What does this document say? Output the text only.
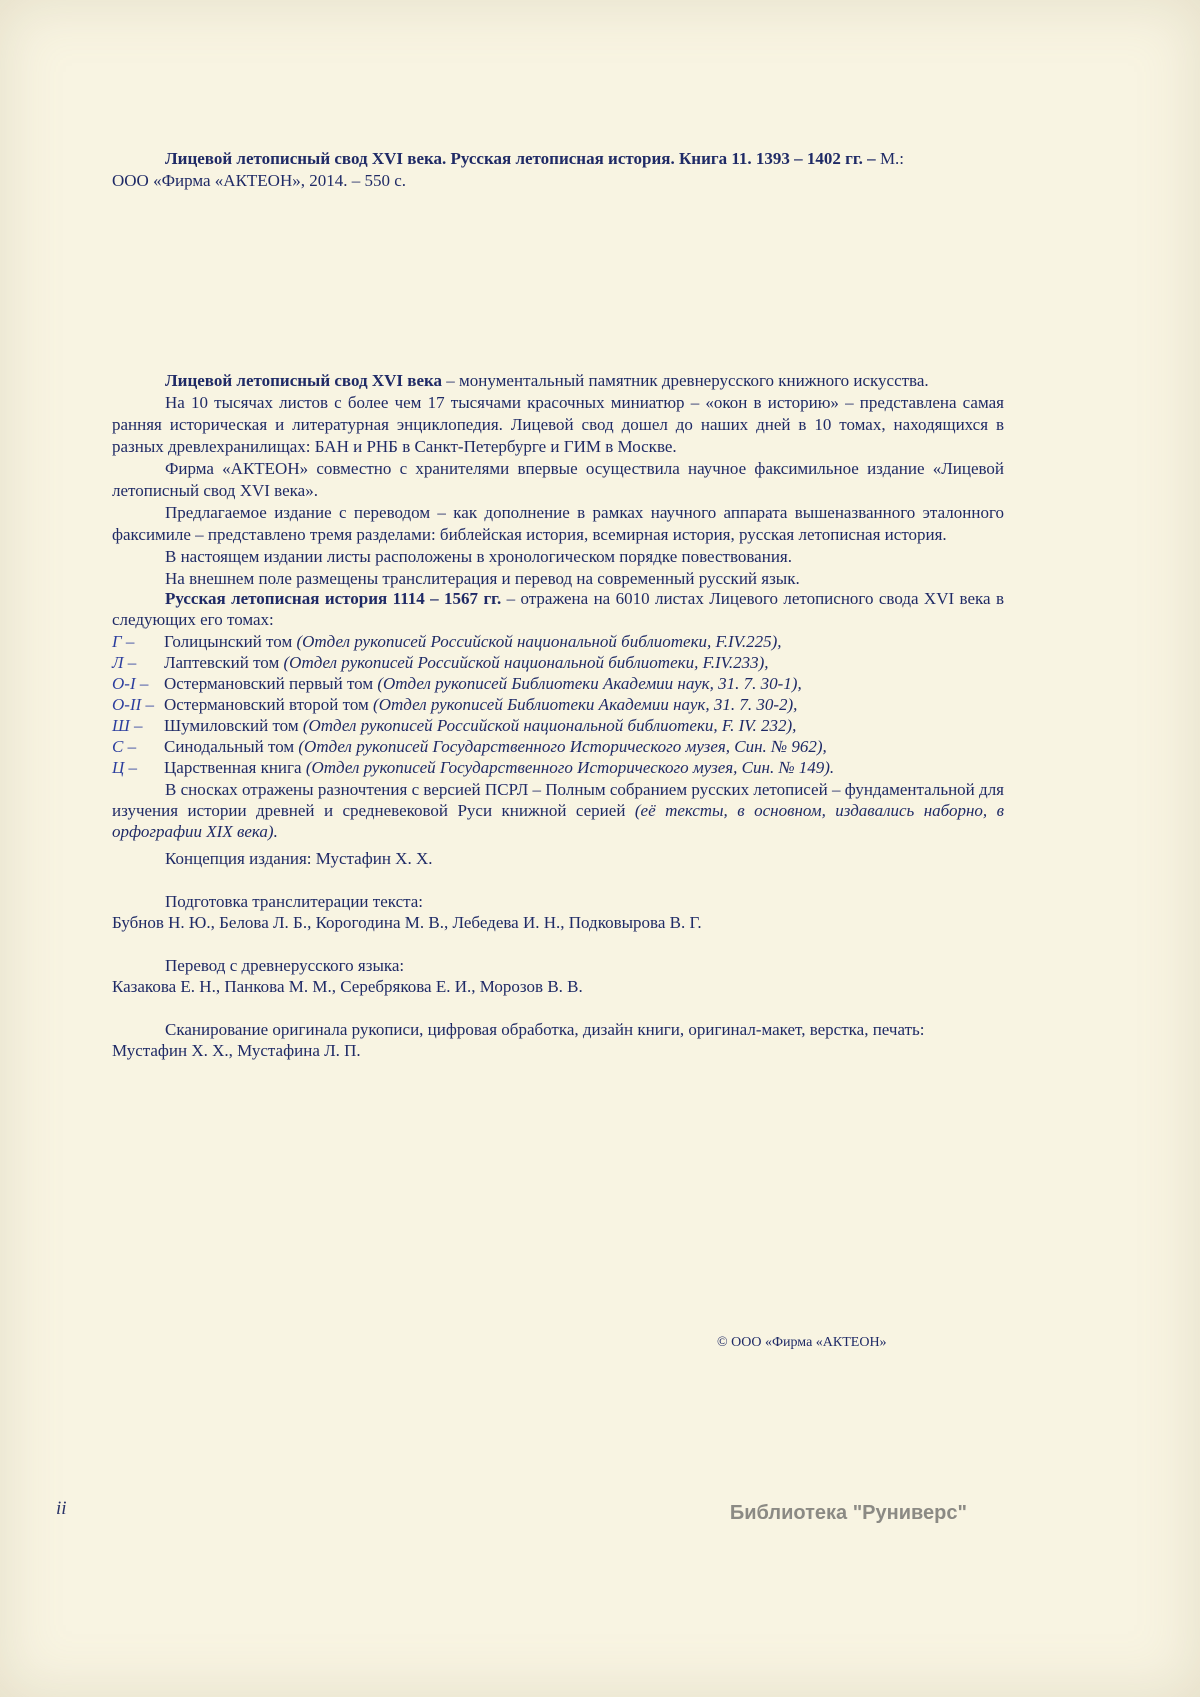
Лицевой летописный свод XVI века. Русская летописная история. Книга 11. 1393 – 1402 гг. – М.: ООО «Фирма «АКТЕОН», 2014. – 550 с.

Лицевой летописный свод XVI века – монументальный памятник древнерусского книжного искусства.

На 10 тысячах листов с более чем 17 тысячами красочных миниатюр – «окон в историю» – представлена самая ранняя историческая и литературная энциклопедия. Лицевой свод дошел до наших дней в 10 томах, находящихся в разных древлехранилищах: БАН и РНБ в Санкт-Петербурге и ГИМ в Москве.

Фирма «АКТЕОН» совместно с хранителями впервые осуществила научное факсимильное издание «Лицевой летописный свод XVI века».

Предлагаемое издание с переводом – как дополнение в рамках научного аппарата вышеназванного эталонного факсимиле – представлено тремя разделами: библейская история, всемирная история, русская летописная история.

В настоящем издании листы расположены в хронологическом порядке повествования.

На внешнем поле размещены транслитерация и перевод на современный русский язык.

Русская летописная история 1114 – 1567 гг. – отражена на 6010 листах Лицевого летописного свода XVI века в следующих его томах:

Г –	Голицынский том (Отдел рукописей Российской национальной библиотеки, F.IV.225),
Л –	Лаптевский том (Отдел рукописей Российской национальной библиотеки, F.IV.233),
О-I – Остермановский первый том (Отдел рукописей Библиотеки Академии наук, 31. 7. 30-1),
О-II – Остермановский второй том (Отдел рукописей Библиотеки Академии наук, 31. 7. 30-2),
Ш –	Шумиловский том (Отдел рукописей Российской национальной библиотеки, F. IV. 232),
С –	Синодальный том (Отдел рукописей Государственного Исторического музея, Син. № 962),
Ц –	Царственная книга (Отдел рукописей Государственного Исторического музея, Син. № 149).

В сносках отражены разночтения с версией ПСРЛ – Полным собранием русских летописей – фундаментальной для изучения истории древней и средневековой Руси книжной серией (её тексты, в основном, издавались наборно, в орфографии XIX века).

Концепция издания: Мустафин Х. Х.

Подготовка транслитерации текста:

Бубнов Н. Ю., Белова Л. Б., Корогодина М. В., Лебедева И. Н., Подковырова В. Г.

Перевод с древнерусского языка:

Казакова Е. Н., Панкова М. М., Серебрякова Е. И., Морозов В. В.

Сканирование оригинала рукописи, цифровая обработка, дизайн книги, оригинал-макет, верстка, печать:

Мустафин Х. Х., Мустафина Л. П.

© ООО «Фирма «АКТЕОН»
ii	Библиотека "Руниверс"
